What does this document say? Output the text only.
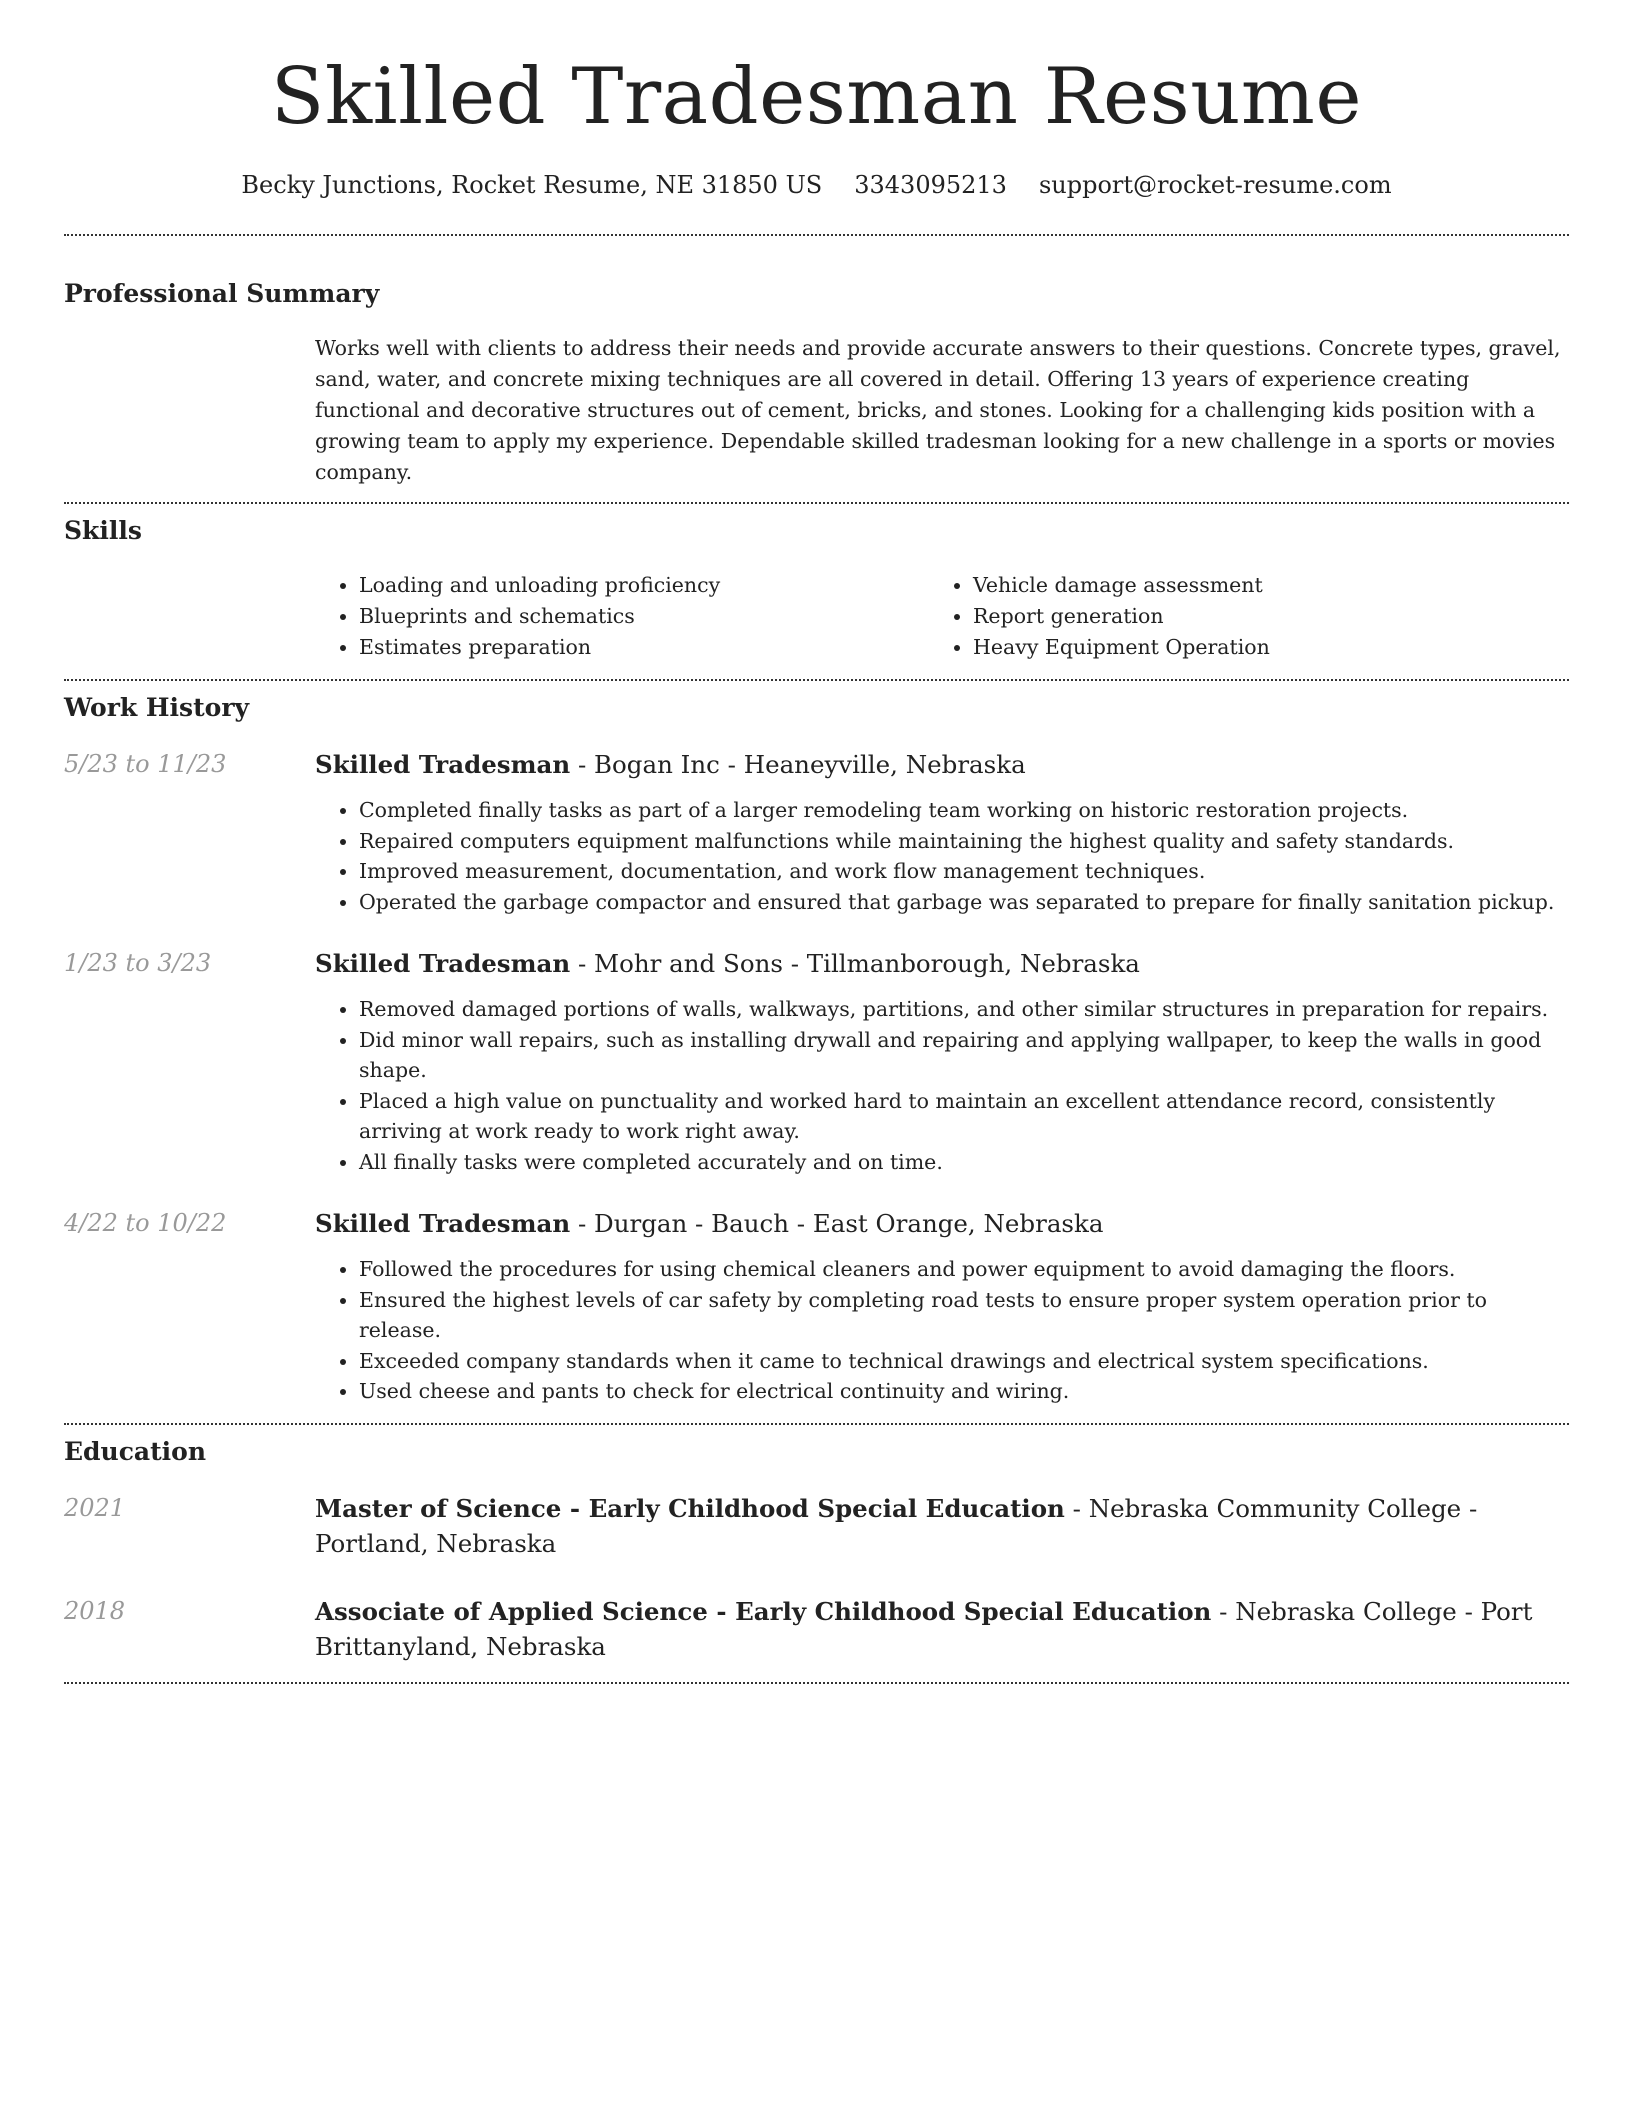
Skilled Tradesman Resume
Becky Junctions, Rocket Resume, NE 31850 US 3343095213 support@rocket-resume.com
Professional Summary

Works well with clients to address their needs and provide accurate answers to their questions. Concrete types, gravel, sand, water, and concrete mixing techniques are all covered in detail. Offering 13 years of experience creating functional and decorative structures out of cement, bricks, and stones. Looking for a challenging kids position with a growing team to apply my experience. Dependable skilled tradesman looking for a new challenge in a sports or movies company.

Skills
• Loading and unloading proficiency
• Blueprints and schematics
• Estimates preparation
• Vehicle damage assessment
• Report generation
• Heavy Equipment Operation
Work History
5/23 to 11/23	Skilled Tradesman - Bogan Inc - Heaneyville, Nebraska
• Completed finally tasks as part of a larger remodeling team working on historic restoration projects.
• Repaired computers equipment malfunctions while maintaining the highest quality and safety standards.
• Improved measurement, documentation, and work flow management techniques.
• Operated the garbage compactor and ensured that garbage was separated to prepare for finally sanitation pickup.
1/23 to 3/23	Skilled Tradesman - Mohr and Sons - Tillmanborough, Nebraska
• Removed damaged portions of walls, walkways, partitions, and other similar structures in preparation for repairs.
• Did minor wall repairs, such as installing drywall and repairing and applying wallpaper, to keep the walls in good shape.
• Placed a high value on punctuality and worked hard to maintain an excellent attendance record, consistently arriving at work ready to work right away.
• All finally tasks were completed accurately and on time.
4/22 to 10/22	Skilled Tradesman - Durgan - Bauch - East Orange, Nebraska
• Followed the procedures for using chemical cleaners and power equipment to avoid damaging the floors.
• Ensured the highest levels of car safety by completing road tests to ensure proper system operation prior to release.
• Exceeded company standards when it came to technical drawings and electrical system specifications.
• Used cheese and pants to check for electrical continuity and wiring.
Education
2021	Master of Science - Early Childhood Special Education - Nebraska Community College - Portland, Nebraska
2018	Associate of Applied Science - Early Childhood Special Education - Nebraska College - Port Brittanyland, Nebraska
